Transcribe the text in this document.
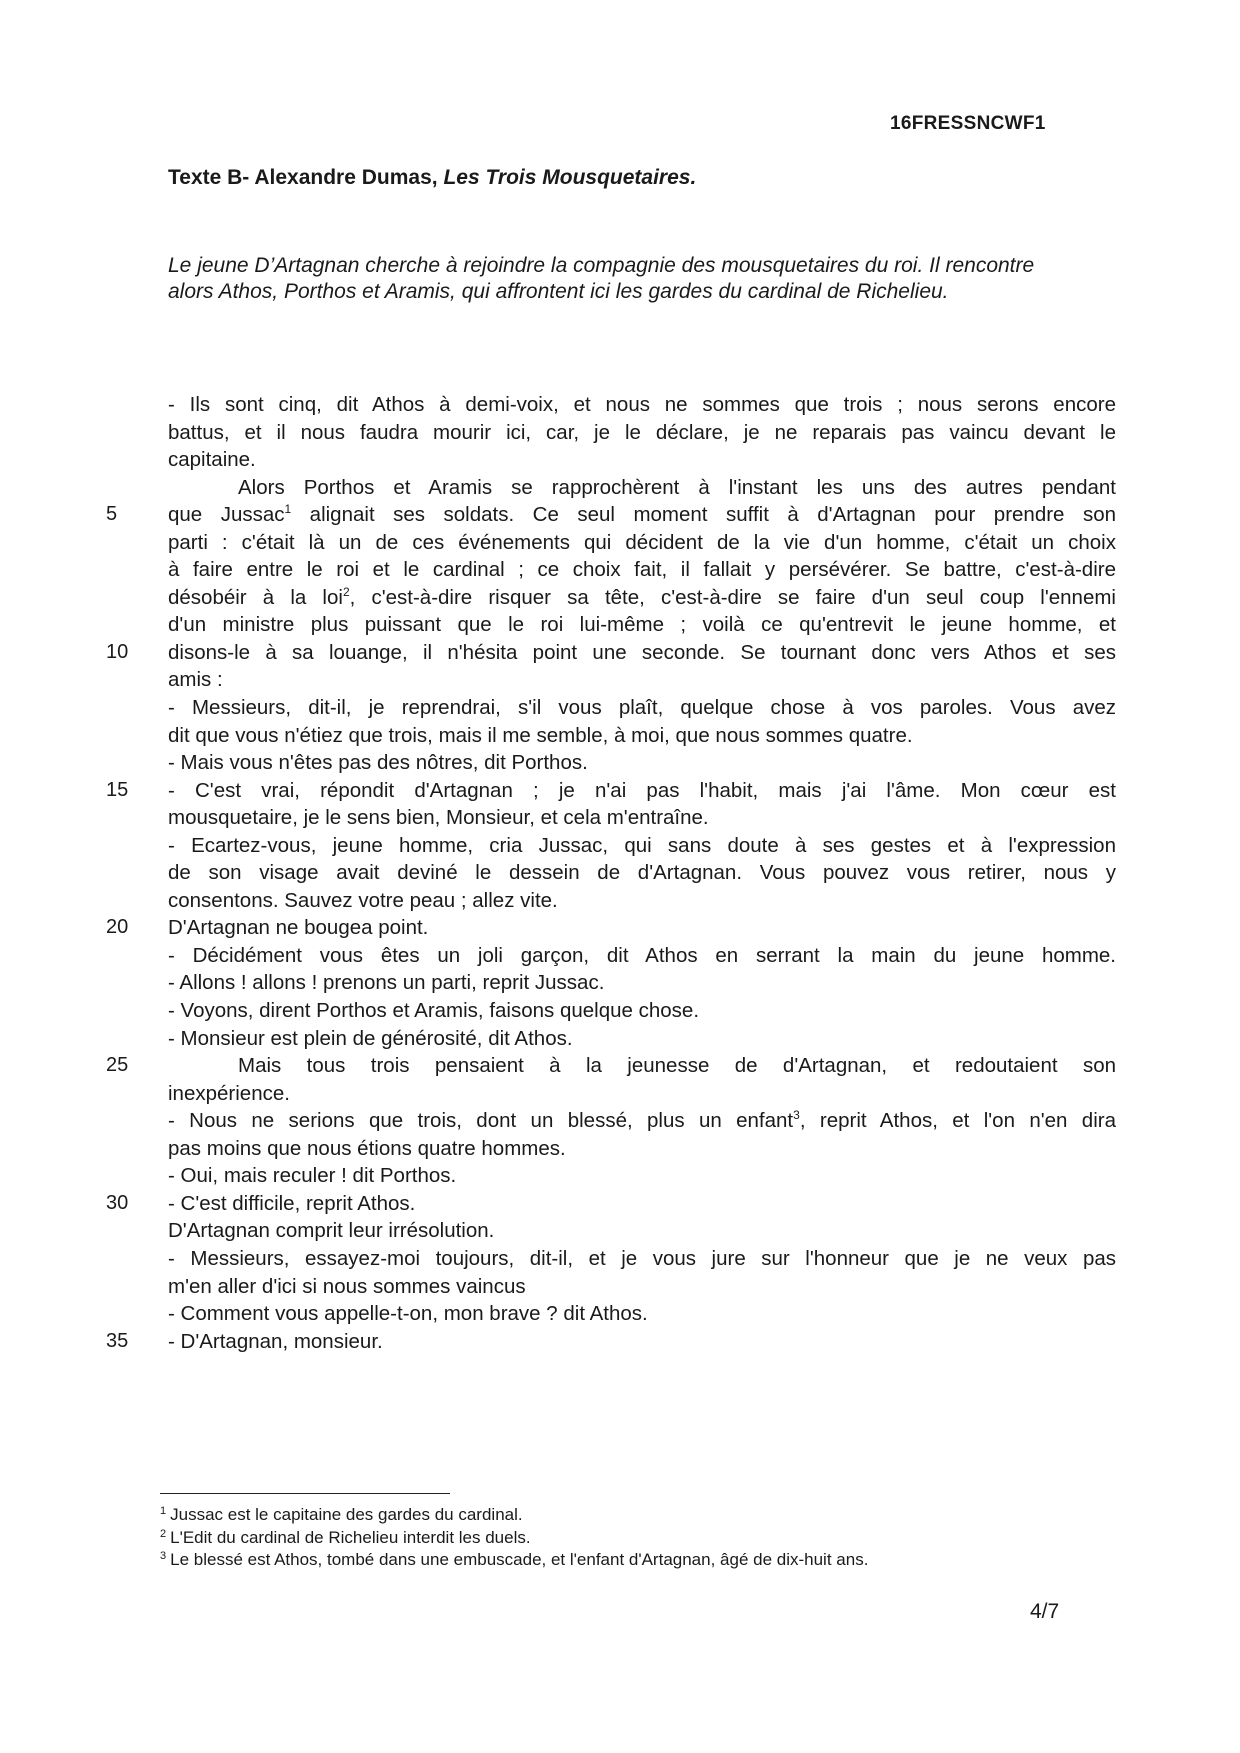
16FRESSNCWF1
Texte B- Alexandre Dumas, Les Trois Mousquetaires.

Le jeune D’Artagnan cherche à rejoindre la compagnie des mousquetaires du roi. Il rencontre alors Athos, Porthos et Aramis, qui affrontent ici les gardes du cardinal de Richelieu.

- Ils sont cinq, dit Athos à demi-voix, et nous ne sommes que trois ; nous serons encore
battus, et il nous faudra mourir ici, car, je le déclare, je ne reparais pas vaincu devant le
capitaine.
Alors Porthos et Aramis se rapprochèrent à l'instant les uns des autres pendant
5	que Jussac$^1$ alignait ses soldats. Ce seul moment suffit à d'Artagnan pour prendre son
parti : c'était là un de ces événements qui décident de la vie d'un homme, c'était un choix
à faire entre le roi et le cardinal ; ce choix fait, il fallait y persévérer. Se battre, c'est-à-dire
désobéir à la loi$^2$, c'est-à-dire risquer sa tête, c'est-à-dire se faire d'un seul coup l'ennemi
d'un ministre plus puissant que le roi lui-même ; voilà ce qu'entrevit le jeune homme, et
10	disons-le à sa louange, il n'hésita point une seconde. Se tournant donc vers Athos et ses
amis :
- Messieurs, dit-il, je reprendrai, s'il vous plaît, quelque chose à vos paroles. Vous avez
dit que vous n'étiez que trois, mais il me semble, à moi, que nous sommes quatre.
- Mais vous n'êtes pas des nôtres, dit Porthos.
15	- C'est vrai, répondit d'Artagnan ; je n'ai pas l'habit, mais j'ai l'âme. Mon cœur est
mousquetaire, je le sens bien, Monsieur, et cela m'entraîne.
- Ecartez-vous, jeune homme, cria Jussac, qui sans doute à ses gestes et à l'expression
de son visage avait deviné le dessein de d'Artagnan. Vous pouvez vous retirer, nous y
consentons. Sauvez votre peau ; allez vite.
20	D'Artagnan ne bougea point.
- Décidément vous êtes un joli garçon, dit Athos en serrant la main du jeune homme.
- Allons ! allons ! prenons un parti, reprit Jussac.
- Voyons, dirent Porthos et Aramis, faisons quelque chose.
- Monsieur est plein de générosité, dit Athos.
25	Mais tous trois pensaient à la jeunesse de d'Artagnan, et redoutaient son
inexpérience.
- Nous ne serions que trois, dont un blessé, plus un enfant$^3$, reprit Athos, et l'on n'en dira
pas moins que nous étions quatre hommes.
- Oui, mais reculer ! dit Porthos.
30	- C'est difficile, reprit Athos.
D'Artagnan comprit leur irrésolution.
- Messieurs, essayez-moi toujours, dit-il, et je vous jure sur l'honneur que je ne veux pas
m'en aller d'ici si nous sommes vaincus
- Comment vous appelle-t-on, mon brave ? dit Athos.
35	- D'Artagnan, monsieur.
$^1$ Jussac est le capitaine des gardes du cardinal.
$^2$ L'Edit du cardinal de Richelieu interdit les duels.
$^3$ Le blessé est Athos, tombé dans une embuscade, et l'enfant d'Artagnan, âgé de dix-huit ans.
4/7
